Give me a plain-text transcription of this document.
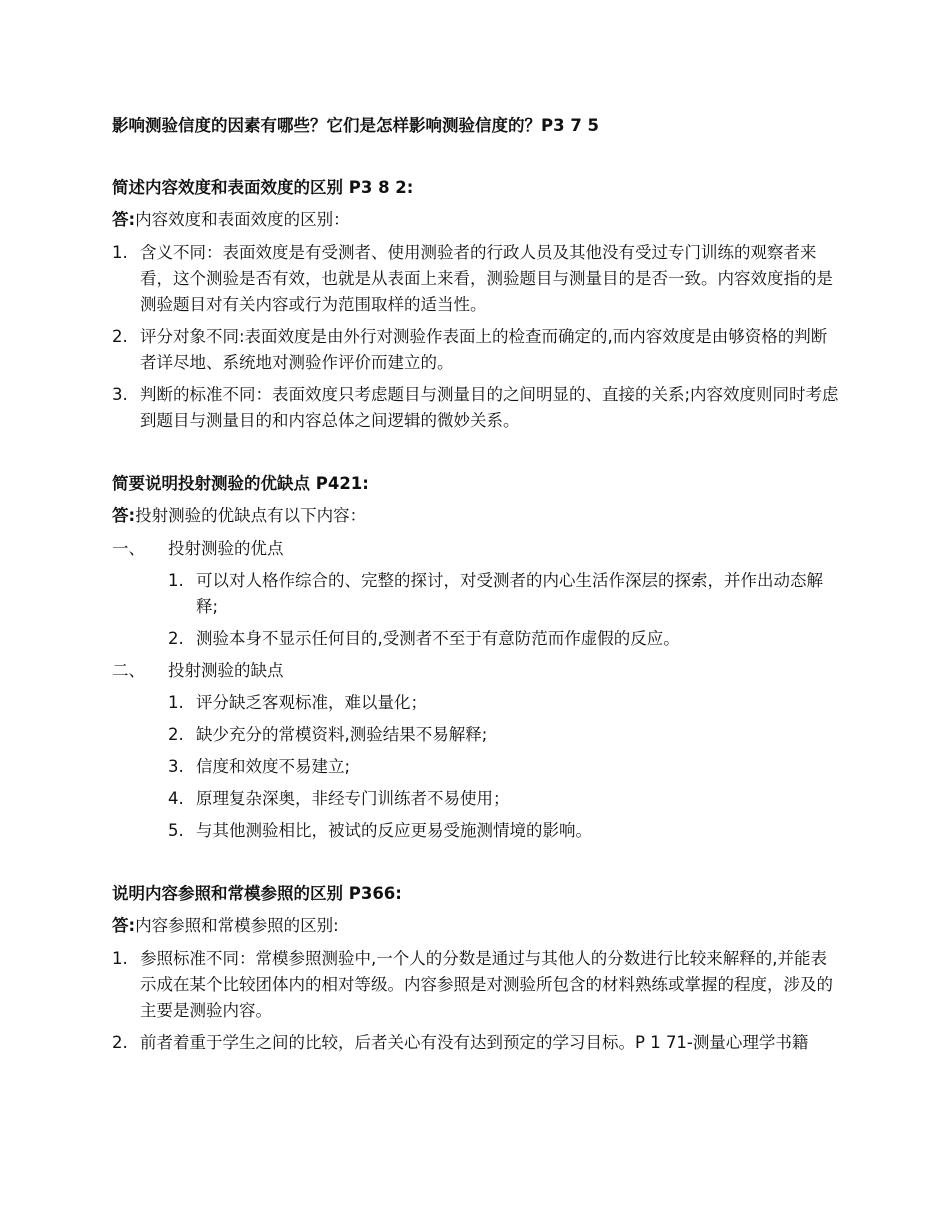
影响测验信度的因素有哪些？它们是怎样影响测验信度的？P3 7 5

简述内容效度和表面效度的区别 P3 8 2:

答:内容效度和表面效度的区别：
1. 含义不同：表面效度是有受测者、使用测验者的行政人员及其他没有受过专门训练的观察者来看，这个测验是否有效，也就是从表面上来看，测验题目与测量目的是否一致。内容效度指的是测验题目对有关内容或行为范围取样的适当性。
2. 评分对象不同:表面效度是由外行对测验作表面上的检查而确定的,而内容效度是由够资格的判断者详尽地、系统地对测验作评价而建立的。
3. 判断的标准不同：表面效度只考虑题目与测量目的之间明显的、直接的关系;内容效度则同时考虑到题目与测量目的和内容总体之间逻辑的微妙关系。

简要说明投射测验的优缺点 P421:

答:投射测验的优缺点有以下内容：
一、 投射测验的优点
1. 可以对人格作综合的、完整的探讨，对受测者的内心生活作深层的探索，并作出动态解释;
2. 测验本身不显示任何目的,受测者不至于有意防范而作虚假的反应。
二、 投射测验的缺点
1. 评分缺乏客观标准，难以量化；
2. 缺少充分的常模资料,测验结果不易解释;
3. 信度和效度不易建立;
4. 原理复杂深奥，非经专门训练者不易使用；
5. 与其他测验相比，被试的反应更易受施测情境的影响。

说明内容参照和常模参照的区别 P366:

答:内容参照和常模参照的区别:
1. 参照标准不同：常模参照测验中,一个人的分数是通过与其他人的分数进行比较来解释的,并能表示成在某个比较团体内的相对等级。内容参照是对测验所包含的材料熟练或掌握的程度，涉及的主要是测验内容。
2. 前者着重于学生之间的比较，后者关心有没有达到预定的学习目标。P 1 71-测量心理学书籍
